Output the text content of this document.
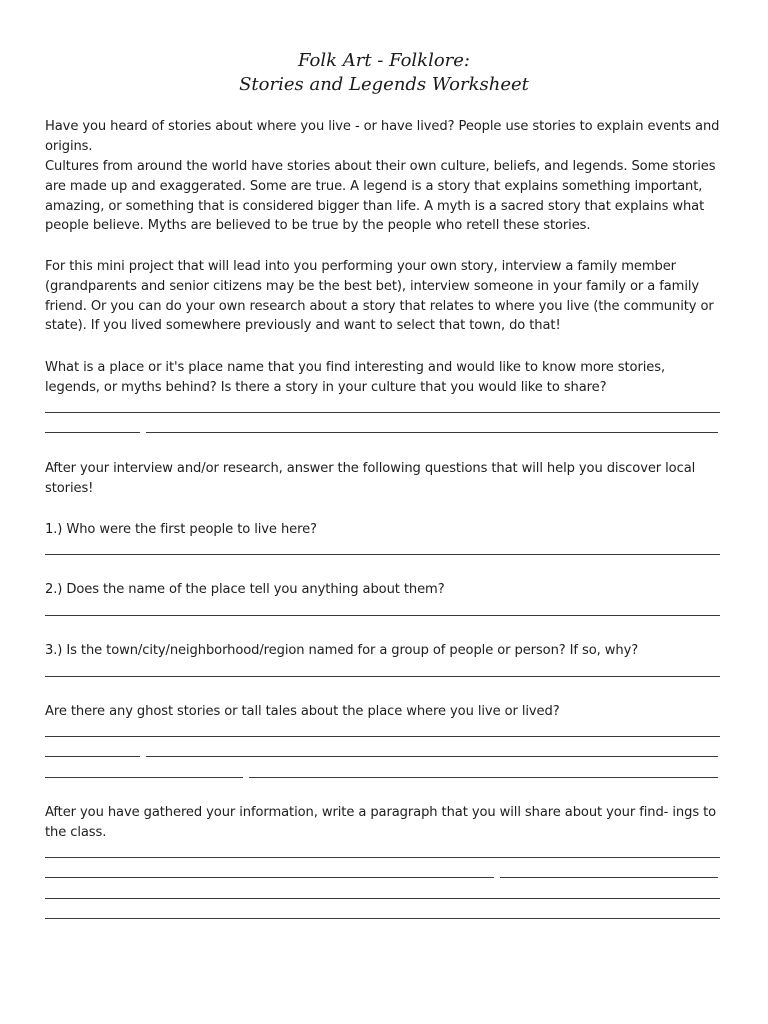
Folk Art - Folklore:
Stories and Legends Worksheet
Have you heard of stories about where you live - or have lived? People use stories to explain events and origins.
Cultures from around the world have stories about their own culture, beliefs, and legends. Some stories are made up and exaggerated. Some are true. A legend is a story that explains something important, amazing, or something that is considered bigger than life. A myth is a sacred story that explains what people believe. Myths are believed to be true by the people who retell these stories.
For this mini project that will lead into you performing your own story, interview a family member (grandparents and senior citizens may be the best bet), interview someone in your family or a family friend. Or you can do your own research about a story that relates to where you live (the community or state). If you lived somewhere previously and want to select that town, do that!
What is a place or it's place name that you find interesting and would like to know more stories, legends, or myths behind? Is there a story in your culture that you would like to share?
After your interview and/or research, answer the following questions that will help you discover local stories!
1.) Who were the first people to live here?
2.) Does the name of the place tell you anything about them?
3.) Is the town/city/neighborhood/region named for a group of people or person? If so, why?
Are there any ghost stories or tall tales about the place where you live or lived?
After you have gathered your information, write a paragraph that you will share about your find- ings to the class.
